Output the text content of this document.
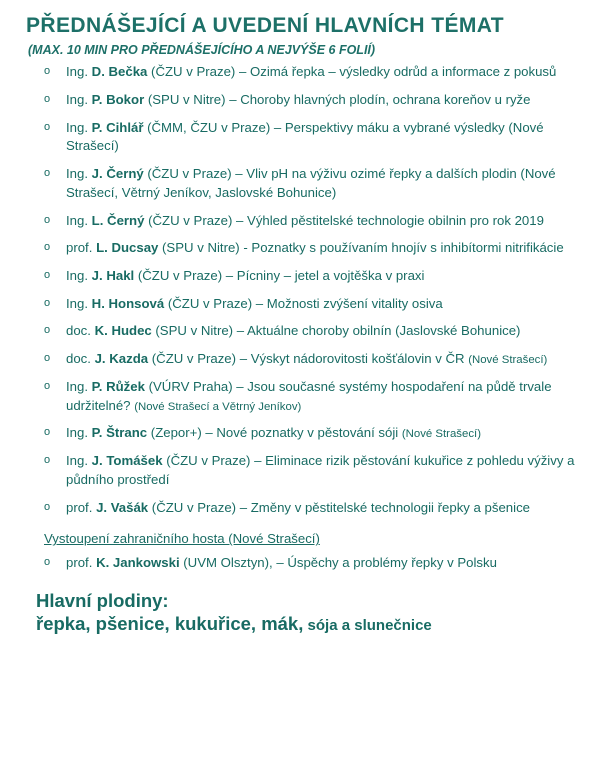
PŘEDNÁŠEJÍCÍ A UVEDENÍ HLAVNÍCH TÉMAT
(MAX. 10 MIN PRO PŘEDNÁŠEJÍCÍHO A NEJVÝŠE 6 FOLIÍ)
o Ing. D. Bečka (ČZU v Praze) – Ozimá řepka – výsledky odrůd a informace z pokusů
o Ing. P. Bokor (SPU v Nitre) – Choroby hlavných plodín, ochrana koreňov u ryže
o Ing. P. Cihlář (ČMM, ČZU v Praze) – Perspektivy máku a vybrané výsledky (Nové Strašecí)
o Ing. J. Černý (ČZU v Praze) – Vliv pH na výživu ozimé řepky a dalších plodin (Nové Strašecí, Větrný Jeníkov, Jaslovské Bohunice)
o Ing. L. Černý (ČZU v Praze) – Výhled pěstitelské technologie obilnin pro rok 2019
o prof. L. Ducsay (SPU v Nitre) - Poznatky s používaním hnojív s inhibítormi nitrifikácie
o Ing. J. Hakl (ČZU v Praze) – Pícniny – jetel a vojtěška v praxi
o Ing. H. Honsová (ČZU v Praze) – Možnosti zvýšení vitality osiva
o doc. K. Hudec (SPU v Nitre) – Aktuálne choroby obilnín (Jaslovské Bohunice)
o doc. J. Kazda (ČZU v Praze) – Výskyt nádorovitosti košťálovin v ČR (Nové Strašecí)
o Ing. P. Růžek (VÚRV Praha) – Jsou současné systémy hospodaření na půdě trvale udržitelné? (Nové Strašecí a Větrný Jeníkov)
o Ing. P. Štranc (Zepor+) – Nové poznatky v pěstování sóji (Nové Strašecí)
o Ing. J. Tomášek (ČZU v Praze) – Eliminace rizik pěstování kukuřice z pohledu výživy a půdního prostředí
o prof. J. Vašák (ČZU v Praze) – Změny v pěstitelské technologii řepky a pšenice
Vystoupení zahraničního hosta (Nové Strašecí)
o prof. K. Jankowski (UVM Olsztyn), – Úspěchy a problémy řepky v Polsku
Hlavní plodiny:
řepka, pšenice, kukuřice, mák, sója a slunečnice
